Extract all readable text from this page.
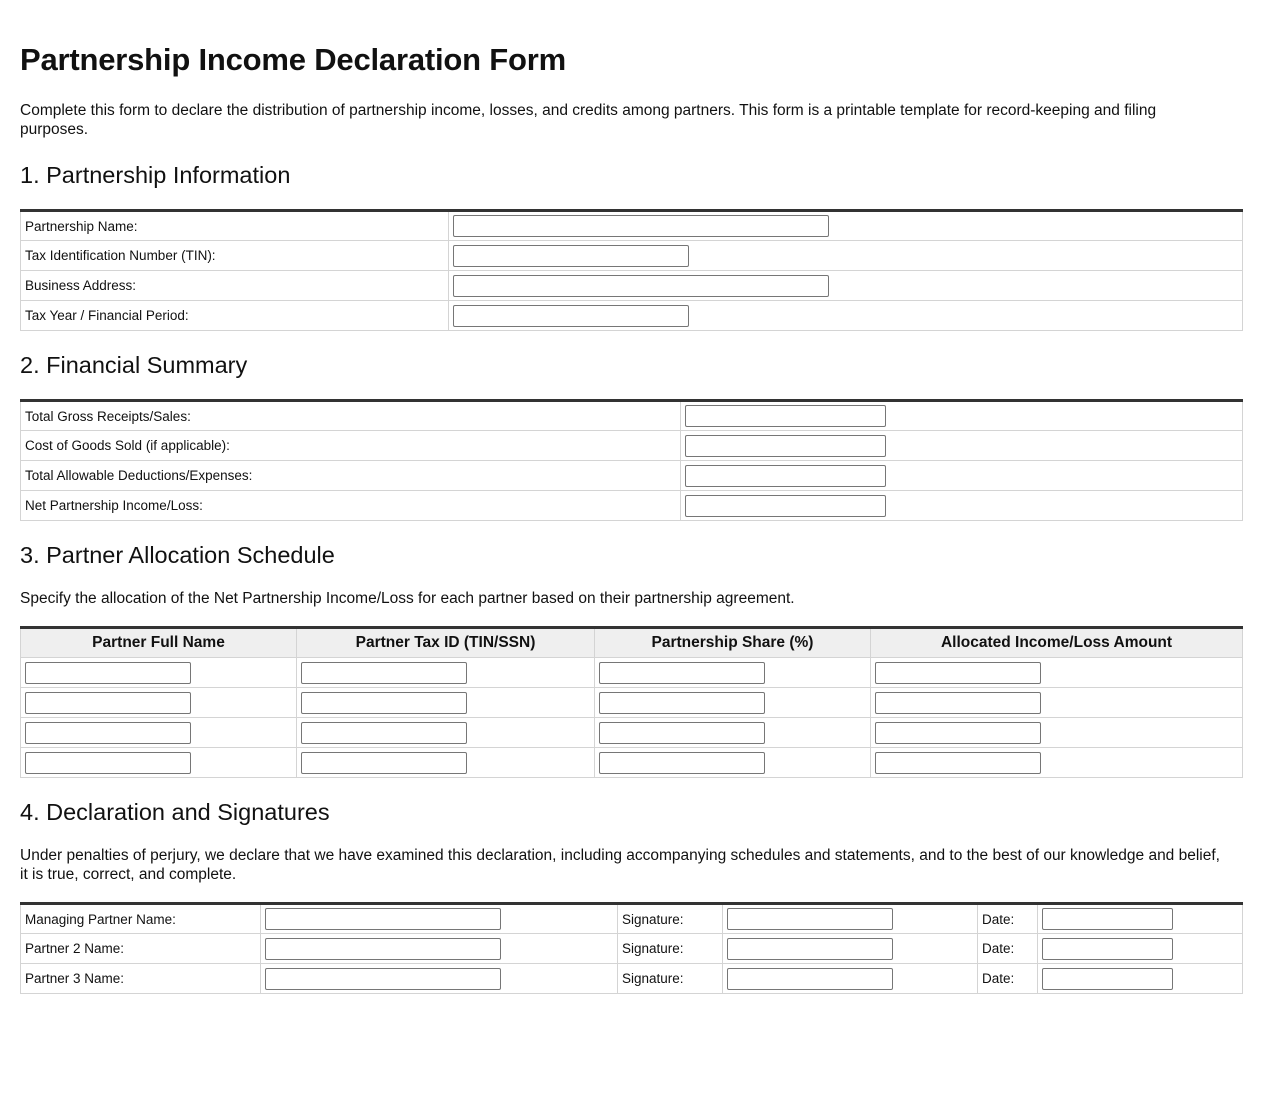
Partnership Income Declaration Form

Complete this form to declare the distribution of partnership income, losses, and credits among partners. This form is a printable template for record-keeping and filing purposes.

1. Partnership Information
Partnership Name:	

Tax Identification Number (TIN):	

Business Address:	

Tax Year / Financial Period:	
2. Financial Summary
Total Gross Receipts/Sales:	

Cost of Goods Sold (if applicable):	

Total Allowable Deductions/Expenses:	

Net Partnership Income/Loss:	
3. Partner Allocation Schedule

Specify the allocation of the Net Partnership Income/Loss for each partner based on their partnership agreement.

Partner Full Name	Partner Tax ID (TIN/SSN)	Partnership Share (%)	Allocated Income/Loss Amount

4. Declaration and Signatures

Under penalties of perjury, we declare that we have examined this declaration, including accompanying schedules and statements, and to the best of our knowledge and belief, it is true, correct, and complete.

Managing Partner Name:		Signature:		Date:	

Partner 2 Name:		Signature:		Date:	

Partner 3 Name:		Signature:		Date:	
